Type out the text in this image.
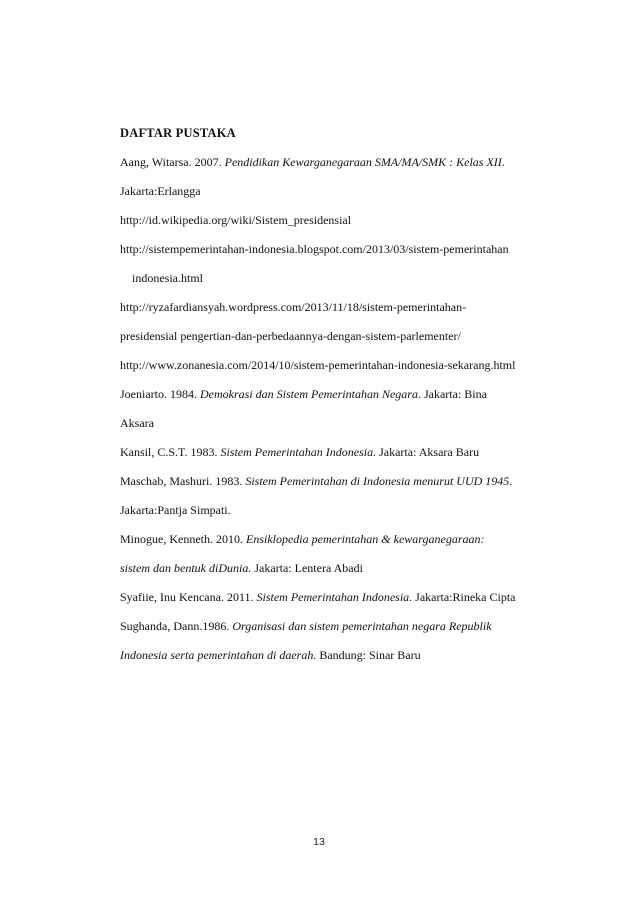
DAFTAR PUSTAKA
Aang, Witarsa. 2007. Pendidikan Kewarganegaraan SMA/MA/SMK : Kelas XII.
Jakarta:Erlangga
http://id.wikipedia.org/wiki/Sistem_presidensial
http://sistempemerintahan-indonesia.blogspot.com/2013/03/sistem-pemerintahan
indonesia.html
http://ryzafardiansyah.wordpress.com/2013/11/18/sistem-pemerintahan-
presidensial pengertian-dan-perbedaannya-dengan-sistem-parlementer/
http://www.zonanesia.com/2014/10/sistem-pemerintahan-indonesia-sekarang.html
Joeniarto. 1984. Demokrasi dan Sistem Pemerintahan Negara. Jakarta: Bina
Aksara
Kansil, C.S.T. 1983. Sistem Pemerintahan Indonesia. Jakarta: Aksara Baru
Maschab, Mashuri. 1983. Sistem Pemerintahan di Indonesia menurut UUD 1945.
Jakarta:Pantja Simpati.
Minogue, Kenneth. 2010. Ensiklopedia pemerintahan & kewarganegaraan:
sistem dan bentuk diDunia. Jakarta: Lentera Abadi
Syafiie, Inu Kencana. 2011. Sistem Pemerintahan Indonesia. Jakarta:Rineka Cipta
Sughanda, Dann.1986. Organisasi dan sistem pemerintahan negara Republik
Indonesia serta pemerintahan di daerah. Bandung: Sinar Baru
13
